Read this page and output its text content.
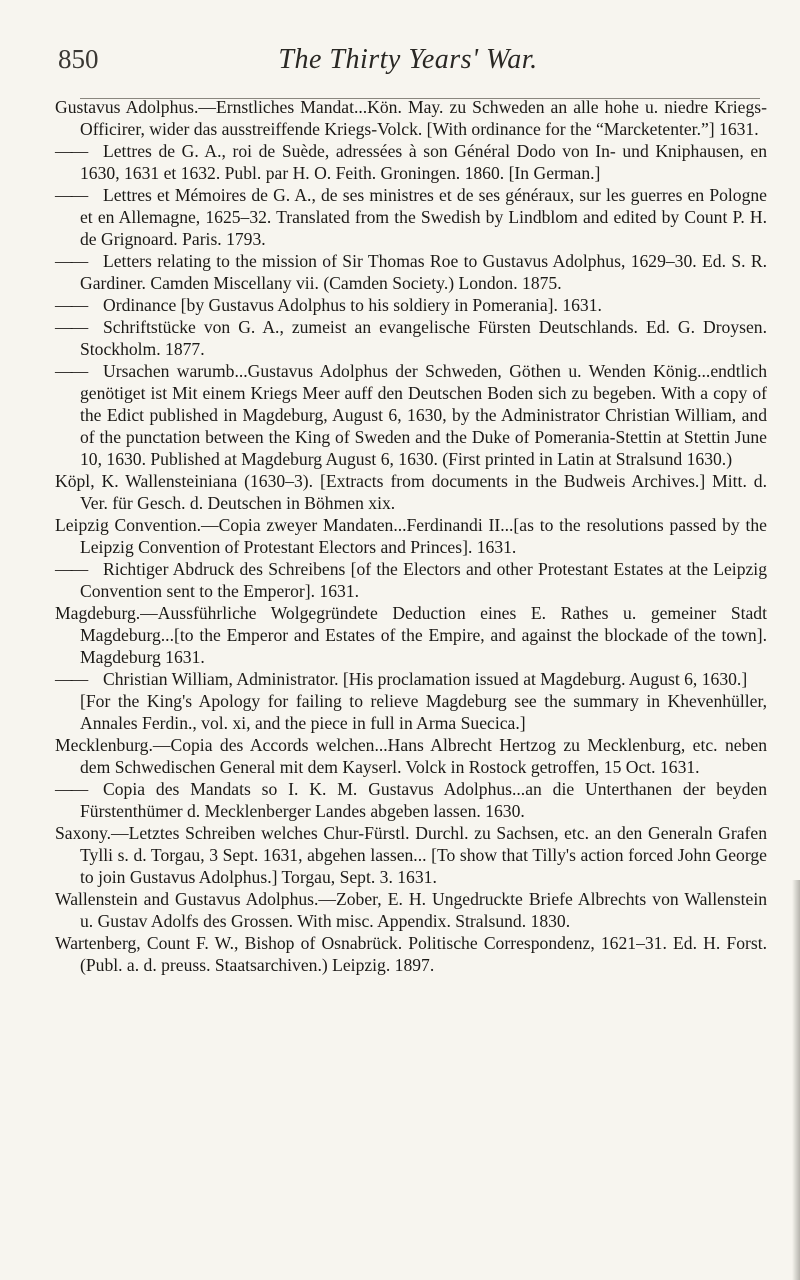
850	The Thirty Years' War.

Gustavus Adolphus.—Ernstliches Mandat...Kön. May. zu Schweden an alle hohe u. niedre Kriegs-Officirer, wider das ausstreiffende Kriegs-Volck. [With ordinance for the “Marcketenter.”] 1631.

——Lettres de G. A., roi de Suède, adressées à son Général Dodo von In- und Kniphausen, en 1630, 1631 et 1632. Publ. par H. O. Feith. Groningen. 1860. [In German.]

——Lettres et Mémoires de G. A., de ses ministres et de ses généraux, sur les guerres en Pologne et en Allemagne, 1625–32. Translated from the Swedish by Lindblom and edited by Count P. H. de Grignoard. Paris. 1793.

——Letters relating to the mission of Sir Thomas Roe to Gustavus Adolphus, 1629–30. Ed. S. R. Gardiner. Camden Miscellany vii. (Camden Society.) London. 1875.

——Ordinance [by Gustavus Adolphus to his soldiery in Pomerania]. 1631.

——Schriftstücke von G. A., zumeist an evangelische Fürsten Deutschlands. Ed. G. Droysen. Stockholm. 1877.

——Ursachen warumb...Gustavus Adolphus der Schweden, Göthen u. Wenden König...endtlich genötiget ist Mit einem Kriegs Meer auff den Deutschen Boden sich zu begeben. With a copy of the Edict published in Magdeburg, August 6, 1630, by the Administrator Christian William, and of the punctation between the King of Sweden and the Duke of Pomerania-Stettin at Stettin June 10, 1630. Published at Magdeburg August 6, 1630. (First printed in Latin at Stralsund 1630.)

Köpl, K. Wallensteiniana (1630–3). [Extracts from documents in the Budweis Archives.] Mitt. d. Ver. für Gesch. d. Deutschen in Böhmen xix.

Leipzig Convention.—Copia zweyer Mandaten...Ferdinandi II...[as to the resolutions passed by the Leipzig Convention of Protestant Electors and Princes]. 1631.

——Richtiger Abdruck des Schreibens [of the Electors and other Protestant Estates at the Leipzig Convention sent to the Emperor]. 1631.

Magdeburg.—Aussführliche Wolgegründete Deduction eines E. Rathes u. gemeiner Stadt Magdeburg...[to the Emperor and Estates of the Empire, and against the blockade of the town]. Magdeburg 1631.

——Christian William, Administrator. [His proclamation issued at Magdeburg. August 6, 1630.]

[For the King's Apology for failing to relieve Magdeburg see the summary in Khevenhüller, Annales Ferdin., vol. xi, and the piece in full in Arma Suecica.]

Mecklenburg.—Copia des Accords welchen...Hans Albrecht Hertzog zu Mecklenburg, etc. neben dem Schwedischen General mit dem Kayserl. Volck in Rostock getroffen, 15 Oct. 1631.

——Copia des Mandats so I. K. M. Gustavus Adolphus...an die Unterthanen der beyden Fürstenthümer d. Mecklenberger Landes abgeben lassen. 1630.

Saxony.—Letztes Schreiben welches Chur-Fürstl. Durchl. zu Sachsen, etc. an den Generaln Grafen Tylli s. d. Torgau, 3 Sept. 1631, abgehen lassen... [To show that Tilly's action forced John George to join Gustavus Adolphus.] Torgau, Sept. 3. 1631.

Wallenstein and Gustavus Adolphus.—Zober, E. H. Ungedruckte Briefe Albrechts von Wallenstein u. Gustav Adolfs des Grossen. With misc. Appendix. Stralsund. 1830.

Wartenberg, Count F. W., Bishop of Osnabrück. Politische Correspondenz, 1621–31. Ed. H. Forst. (Publ. a. d. preuss. Staatsarchiven.) Leipzig. 1897.
